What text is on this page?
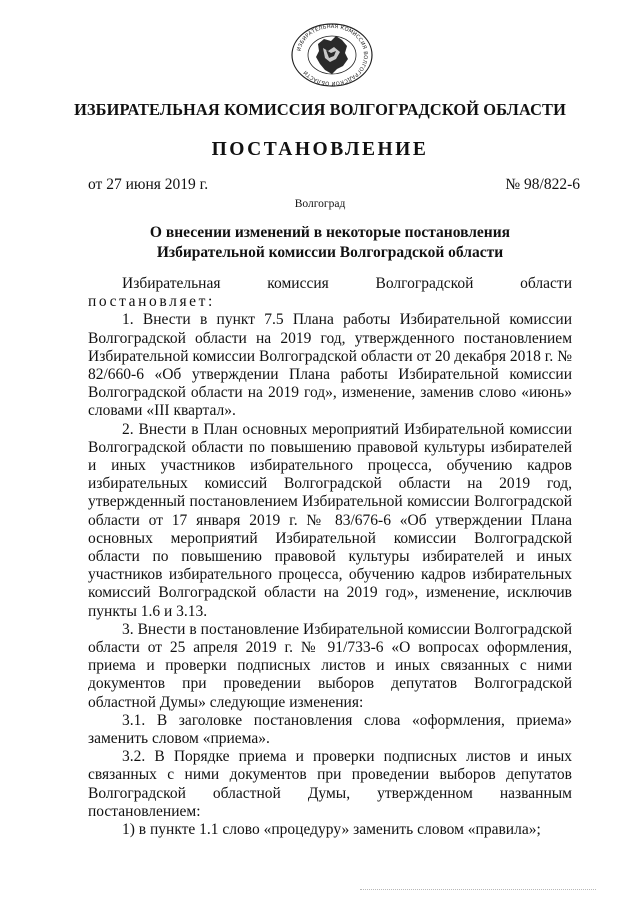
ИЗБИРАТЕЛЬНАЯ КОМИССИЯ ВОЛГОГРАДСКОЙ ОБЛАСТИ
ИЗБИРАТЕЛЬНАЯ КОМИССИЯ ВОЛГОГРАДСКОЙ ОБЛАСТИ
ПОСТАНОВЛЕНИЕ
от 27 июня 2019 г.	№ 98/822-6
Волгоград
О внесении изменений в некоторые постановления
Избирательной комиссии Волгоградской области
Избирательная комиссия Волгоградской области
постановляет:
1. Внести в пункт 7.5 Плана работы Избирательной комиссии Волгоградской области на 2019 год, утвержденного постановлением Избирательной комиссии Волгоградской области от 20 декабря 2018 г. № 82/660-6 «Об утверждении Плана работы Избирательной комиссии Волгоградской области на 2019 год», изменение, заменив слово «июнь» словами «III квартал».
2. Внести в План основных мероприятий Избирательной комиссии Волгоградской области по повышению правовой культуры избирателей и иных участников избирательного процесса, обучению кадров избирательных комиссий Волгоградской области на 2019 год, утвержденный постановлением Избирательной комиссии Волгоградской области от 17 января 2019 г. № 83/676-6 «Об утверждении Плана основных мероприятий Избирательной комиссии Волгоградской области по повышению правовой культуры избирателей и иных участников избирательного процесса, обучению кадров избирательных комиссий Волгоградской области на 2019 год», изменение, исключив пункты 1.6 и 3.13.
3. Внести в постановление Избирательной комиссии Волгоградской области от 25 апреля 2019 г. № 91/733-6 «О вопросах оформления, приема и проверки подписных листов и иных связанных с ними документов при проведении выборов депутатов Волгоградской областной Думы» следующие изменения:
3.1. В заголовке постановления слова «оформления, приема» заменить словом «приема».
3.2. В Порядке приема и проверки подписных листов и иных связанных с ними документов при проведении выборов депутатов Волгоградской областной Думы, утвержденном названным постановлением:
1) в пункте 1.1 слово «процедуру» заменить словом «правила»;
